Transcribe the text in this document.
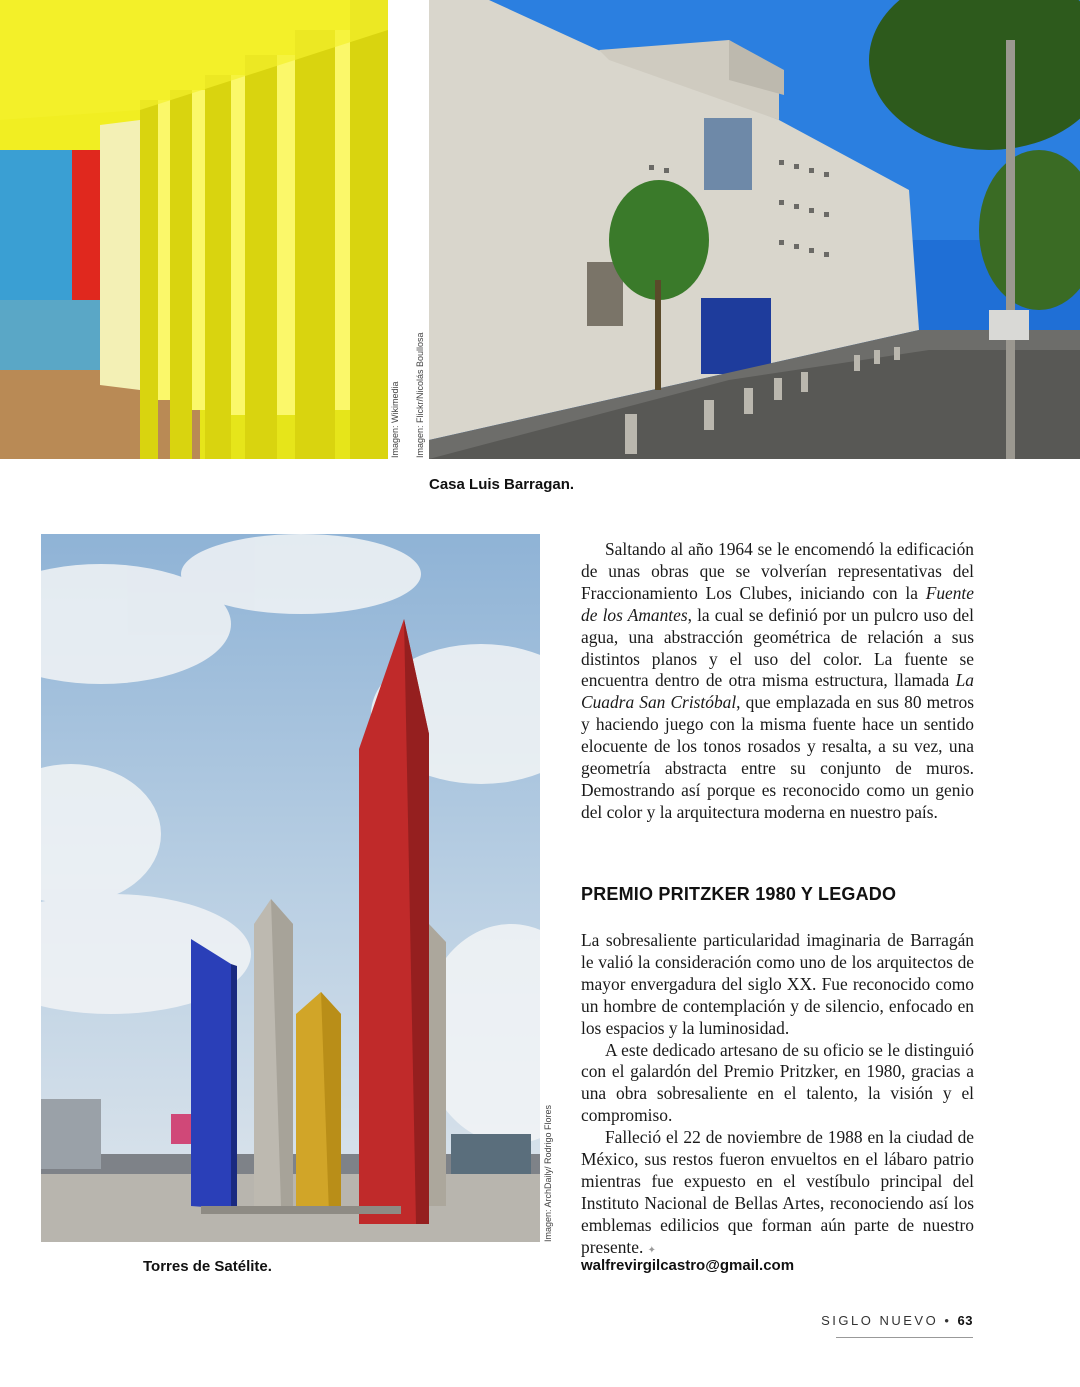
Imagen: Wikimedia Imagen: Flickr/Nicolás Boullosa
Casa Luis Barragan.
Imagen: ArchDaily/ Rodrigo Flores
Torres de Satélite.

Saltando al año 1964 se le encomendó la edificación de unas obras que se volverían representativas del Fraccionamiento Los Clubes, iniciando con la Fuente de los Amantes, la cual se definió por un pulcro uso del agua, una abstracción geométrica de relación a sus distintos planos y el uso del color. La fuente se encuentra dentro de otra misma estructura, llamada La Cuadra San Cristóbal, que emplazada en sus 80 metros y haciendo juego con la misma fuente hace un sentido elocuente de los tonos rosados y resalta, a su vez, una geometría abstracta entre su conjunto de muros. Demostrando así porque es reconocido como un genio del color y la arquitectura moderna en nuestro país.

PREMIO PRITZKER 1980 Y LEGADO

La sobresaliente particularidad imaginaria de Barragán le valió la consideración como uno de los arquitectos de mayor envergadura del siglo XX. Fue reconocido como un hombre de contemplación y de silencio, enfocado en los espacios y la luminosidad.

A este dedicado artesano de su oficio se le distinguió con el galardón del Premio Pritzker, en 1980, gracias a una obra sobresaliente en el talento, la visión y el compromiso.

Falleció el 22 de noviembre de 1988 en la ciudad de México, sus restos fueron envueltos en el lábaro patrio mientras fue expuesto en el vestíbulo principal del Instituto Nacional de Bellas Artes, reconociendo así los emblemas edilicios que forman aún parte de nuestro presente. ✦

walfrevirgilcastro@gmail.com
SIGLO NUEVO • 63
